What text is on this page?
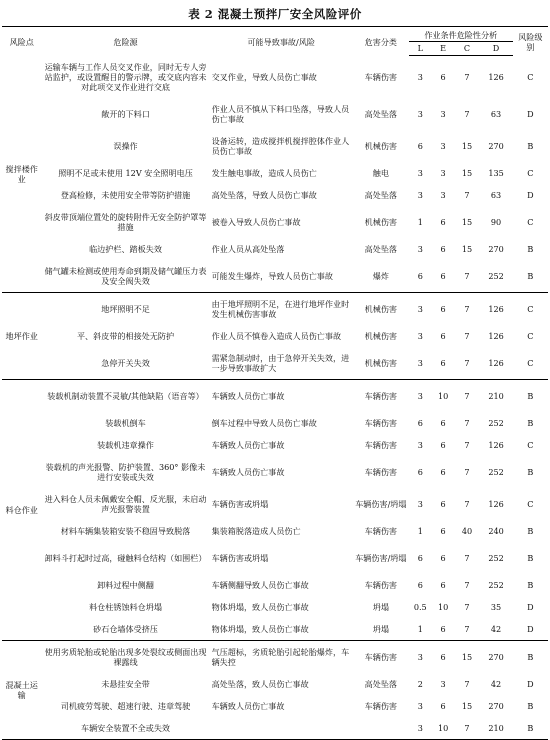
表 2 混凝土预拌厂安全风险评价
风险点	危险源	可能导致事故/风险	危害分类	作业条件危险性分析				风险级别
				L	E	C	D	
搅拌楼作业	运输车辆与工作人员交叉作业，同时无专人旁站监护，或设置醒目的警示牌，或交底内容未对此项交叉作业进行交底	交叉作业，导致人员伤亡事故	车辆伤害	3	6	7	126	C
	敞开的下料口	作业人员不慎从下料口坠落，导致人员伤亡事故	高处坠落	3	3	7	63	D
	误操作	设备运转，造成搅拌机搅拌腔体作业人员伤亡事故	机械伤害	6	3	15	270	B
	照明不足或未使用 12V 安全照明电压	发生触电事故，造成人员伤亡	触电	3	3	15	135	C
	登高检修，未使用安全带等防护措施	高处坠落，导致人员伤亡事故	高处坠落	3	3	7	63	D
	斜皮带顶端位置处的旋转附件无安全防护罩等措施	被卷入导致人员伤亡事故	机械伤害	1	6	15	90	C
	临边护栏、踏板失效	作业人员从高处坠落	高处坠落	3	6	15	270	B
	储气罐未检测或使用寿命到期及储气罐压力表及安全阀失效	可能发生爆炸，导致人员伤亡事故	爆炸	6	6	7	252	B
地坪作业	地坪照明不足	由于地坪照明不足，在进行地坪作业时发生机械伤害事故	机械伤害	3	6	7	126	C
	平、斜皮带的相接处无防护	作业人员不慎卷入造成人员伤亡事故	机械伤害	3	6	7	126	C
	急停开关失效	需紧急制动时，由于急停开关失效，进一步导致事故扩大	机械伤害	3	6	7	126	C
料仓作业	装载机制动装置不灵敏/其他缺陷（语音等）	车辆致人员伤亡事故	车辆伤害	3	10	7	210	B
	装载机倒车	倒车过程中导致人员伤亡事故	车辆伤害	6	6	7	252	B
	装载机违章操作	车辆致人员伤亡事故	车辆伤害	3	6	7	126	C
	装载机的声光报警、防护装置、360° 影像未进行安装或失效	车辆致人员伤亡事故	车辆伤害	6	6	7	252	B
	进入料仓人员未佩戴安全帽、反光服，未启动声光报警装置	车辆伤害或坍塌	车辆伤害/坍塌	3	6	7	126	C
	材料车辆集装箱安装不稳固导致脱落	集装箱脱落造成人员伤亡	车辆伤害	1	6	40	240	B
	卸料斗打起时过高，碰触料仓结构（如围栏）	车辆伤害或坍塌	车辆伤害/坍塌	6	6	7	252	B
	卸料过程中侧翻	车辆侧翻导致人员伤亡事故	车辆伤害	6	6	7	252	B
	料仓柱锈蚀料仓坍塌	物体坍塌，致人员伤亡事故	坍塌	0.5	10	7	35	D
	砂石仓墙体受挤压	物体坍塌，致人员伤亡事故	坍塌	1	6	7	42	D
混凝土运输	使用劣质轮胎或轮胎出现多处裂纹或侧面出现裸露线	气压超标，劣质轮胎引起轮胎爆炸，车辆失控	车辆伤害	3	6	15	270	B
	未悬挂安全带	高处坠落，致人员伤亡事故	高处坠落	2	3	7	42	D
	司机疲劳驾驶、超速行驶、违章驾驶	车辆致人员伤亡事故	车辆伤害	3	6	15	270	B
	车辆安全装置不全或失效			3	10	7	210	B
